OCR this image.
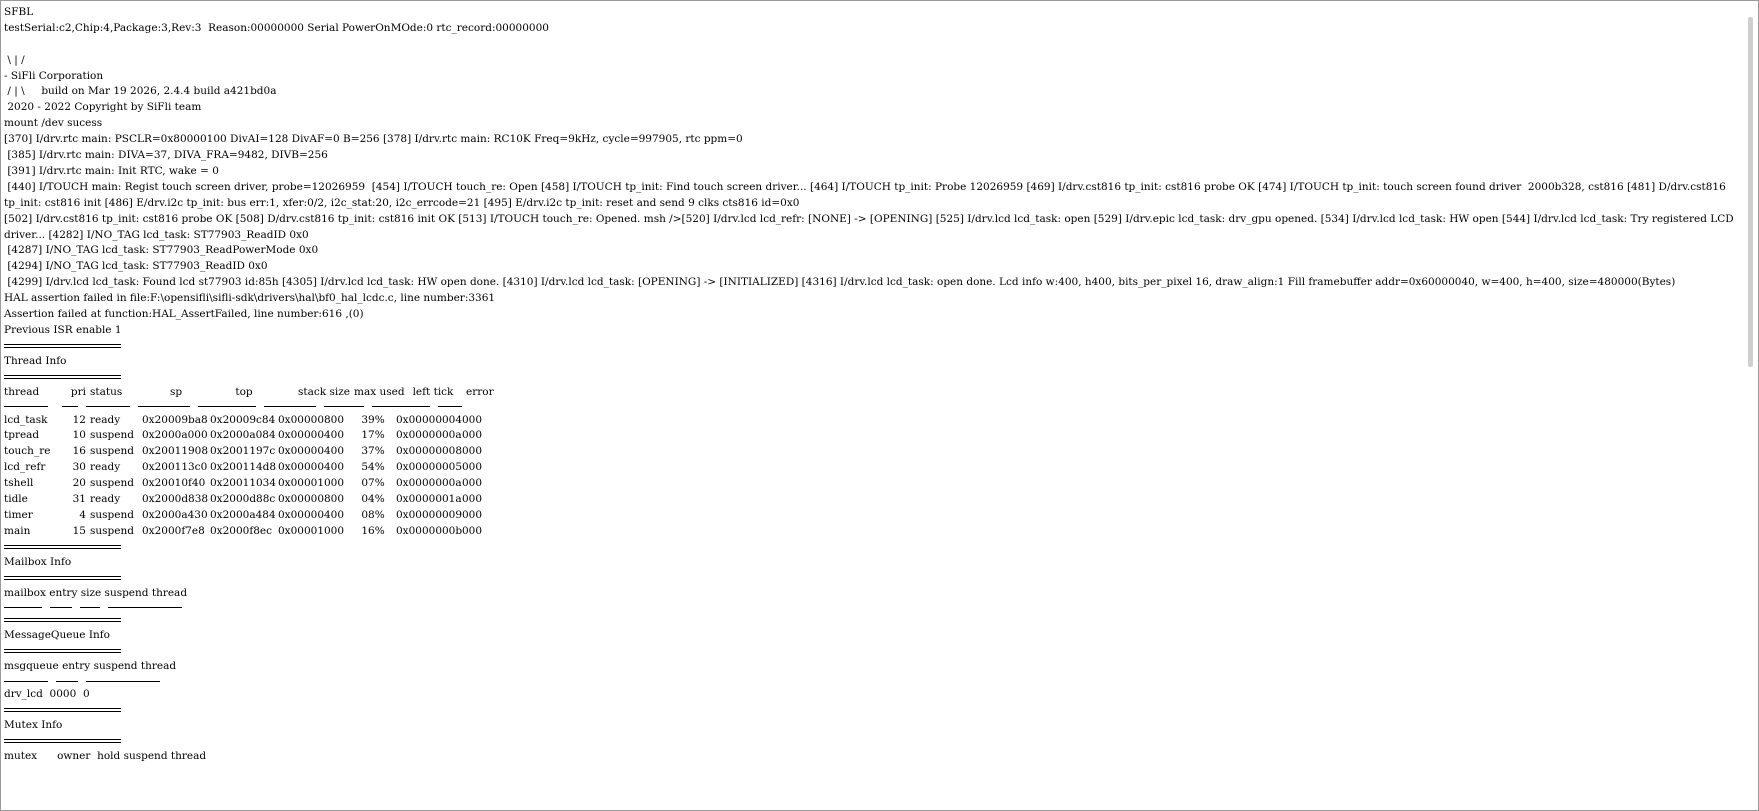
SFBL
testSerial:c2,Chip:4,Package:3,Rev:3  Reason:00000000 Serial PowerOnMOde:0 rtc_record:00000000
\ | /
- SiFli Corporation
/ | \     build on Mar 19 2026, 2.4.4 build a421bd0a
2020 - 2022 Copyright by SiFli team
mount /dev sucess
[370] I/drv.rtc main: PSCLR=0x80000100 DivAI=128 DivAF=0 B=256 [378] I/drv.rtc main: RC10K Freq=9kHz, cycle=997905, rtc ppm=0
[385] I/drv.rtc main: DIVA=37, DIVA_FRA=9482, DIVB=256
[391] I/drv.rtc main: Init RTC, wake = 0
[440] I/TOUCH main: Regist touch screen driver, probe=12026959  [454] I/TOUCH touch_re: Open [458] I/TOUCH tp_init: Find touch screen driver... [464] I/TOUCH tp_init: Probe 12026959 [469] I/drv.cst816 tp_init: cst816 probe OK [474] I/TOUCH tp_init: touch screen found driver  2000b328, cst816 [481] D/drv.cst816 tp_init: cst816 init [486] E/drv.i2c tp_init: bus err:1, xfer:0/2, i2c_stat:20, i2c_errcode=21 [495] E/drv.i2c tp_init: reset and send 9 clks cts816 id=0x0
[502] I/drv.cst816 tp_init: cst816 probe OK [508] D/drv.cst816 tp_init: cst816 init OK [513] I/TOUCH touch_re: Opened. msh />[520] I/drv.lcd lcd_refr: [NONE] -> [OPENING] [525] I/drv.lcd lcd_task: open [529] I/drv.epic lcd_task: drv_gpu opened. [534] I/drv.lcd lcd_task: HW open [544] I/drv.lcd lcd_task: Try registered LCD driver... [4282] I/NO_TAG lcd_task: ST77903_ReadID 0x0
[4287] I/NO_TAG lcd_task: ST77903_ReadPowerMode 0x0
[4294] I/NO_TAG lcd_task: ST77903_ReadID 0x0
[4299] I/drv.lcd lcd_task: Found lcd st77903 id:85h [4305] I/drv.lcd lcd_task: HW open done. [4310] I/drv.lcd lcd_task: [OPENING] -> [INITIALIZED] [4316] I/drv.lcd lcd_task: open done. Lcd info w:400, h400, bits_per_pixel 16, draw_align:1 Fill framebuffer addr=0x60000040, w=400, h=400, size=480000(Bytes)
HAL assertion failed in file:F:\opensifli\sifli-sdk\drivers\hal\bf0_hal_lcdc.c, line number:3361
Assertion failed at function:HAL_AssertFailed, line number:616 ,(0)
Previous ISR enable 1
Thread Info
thread	pri status	sp	top	stack size max used left tick	error
lcd_task	12 ready	0x20009ba8 0x20009c84 0x00000800	39%	0x00000004 000
tpread	10 suspend 0x2000a000 0x2000a084 0x00000400	17%	0x0000000a 000
touch_re	16 suspend 0x20011908 0x2001197c 0x00000400	37%	0x00000008 000
lcd_refr	30 ready	0x200113c0 0x200114d8 0x00000400	54%	0x00000005 000
tshell	20 suspend 0x20010f40 0x20011034 0x00001000	07%	0x0000000a 000
tidle	31 ready	0x2000d838 0x2000d88c 0x00000800	04%	0x0000001a 000
timer	4 suspend 0x2000a430 0x2000a484 0x00000400	08%	0x00000009 000
main	15 suspend 0x2000f7e8 0x2000f8ec 0x00001000	16%	0x0000000b 000
Mailbox Info
mailbox entry size suspend thread
MessageQueue Info
msgqueue entry suspend thread
drv_lcd  0000  0
Mutex Info
mutex      owner  hold suspend thread
